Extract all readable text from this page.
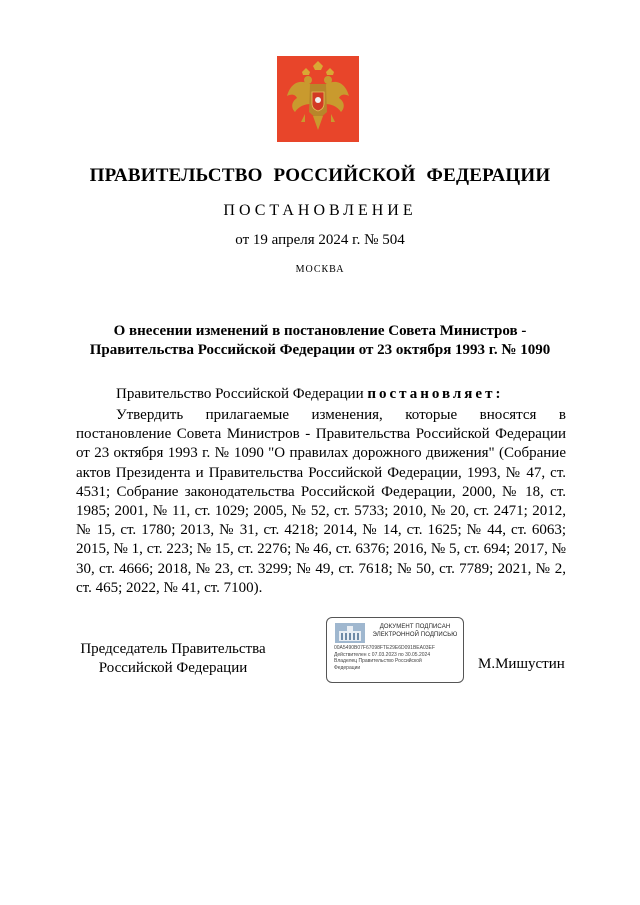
ПРАВИТЕЛЬСТВО РОССИЙСКОЙ ФЕДЕРАЦИИ
ПОСТАНОВЛЕНИЕ
от 19 апреля 2024 г. № 504
МОСКВА
О внесении изменений в постановление Совета Министров - Правительства Российской Федерации от 23 октября 1993 г. № 1090
Правительство Российской Федерации постановляет:
Утвердить прилагаемые изменения, которые вносятся в постановление Совета Министров - Правительства Российской Федерации от 23 октября 1993 г. № 1090 "О правилах дорожного движения" (Собрание актов Президента и Правительства Российской Федерации, 1993, № 47, ст. 4531; Собрание законодательства Российской Федерации, 2000, № 18, ст. 1985; 2001, № 11, ст. 1029; 2005, № 52, ст. 5733; 2010, № 20, ст. 2471; 2012, № 15, ст. 1780; 2013, № 31, ст. 4218; 2014, № 14, ст. 1625; № 44, ст. 6063; 2015, № 1, ст. 223; № 15, ст. 2276; № 46, ст. 6376; 2016, № 5, ст. 694; 2017, № 30, ст. 4666; 2018, № 23, ст. 3299; № 49, ст. 7618; № 50, ст. 7789; 2021, № 2, ст. 465; 2022, № 41, ст. 7100).
Председатель Правительства
Российской Федерации
ДОКУМЕНТ ПОДПИСАН
ЭЛЕКТРОННОЙ ПОДПИСЬЮ
00A5490B07F67098FTE29E6D091BEA03EF
Действителен с 07.03.2023 по 30.05.2024
Владелец Правительство Российской
Федерации	М.Мишустин
